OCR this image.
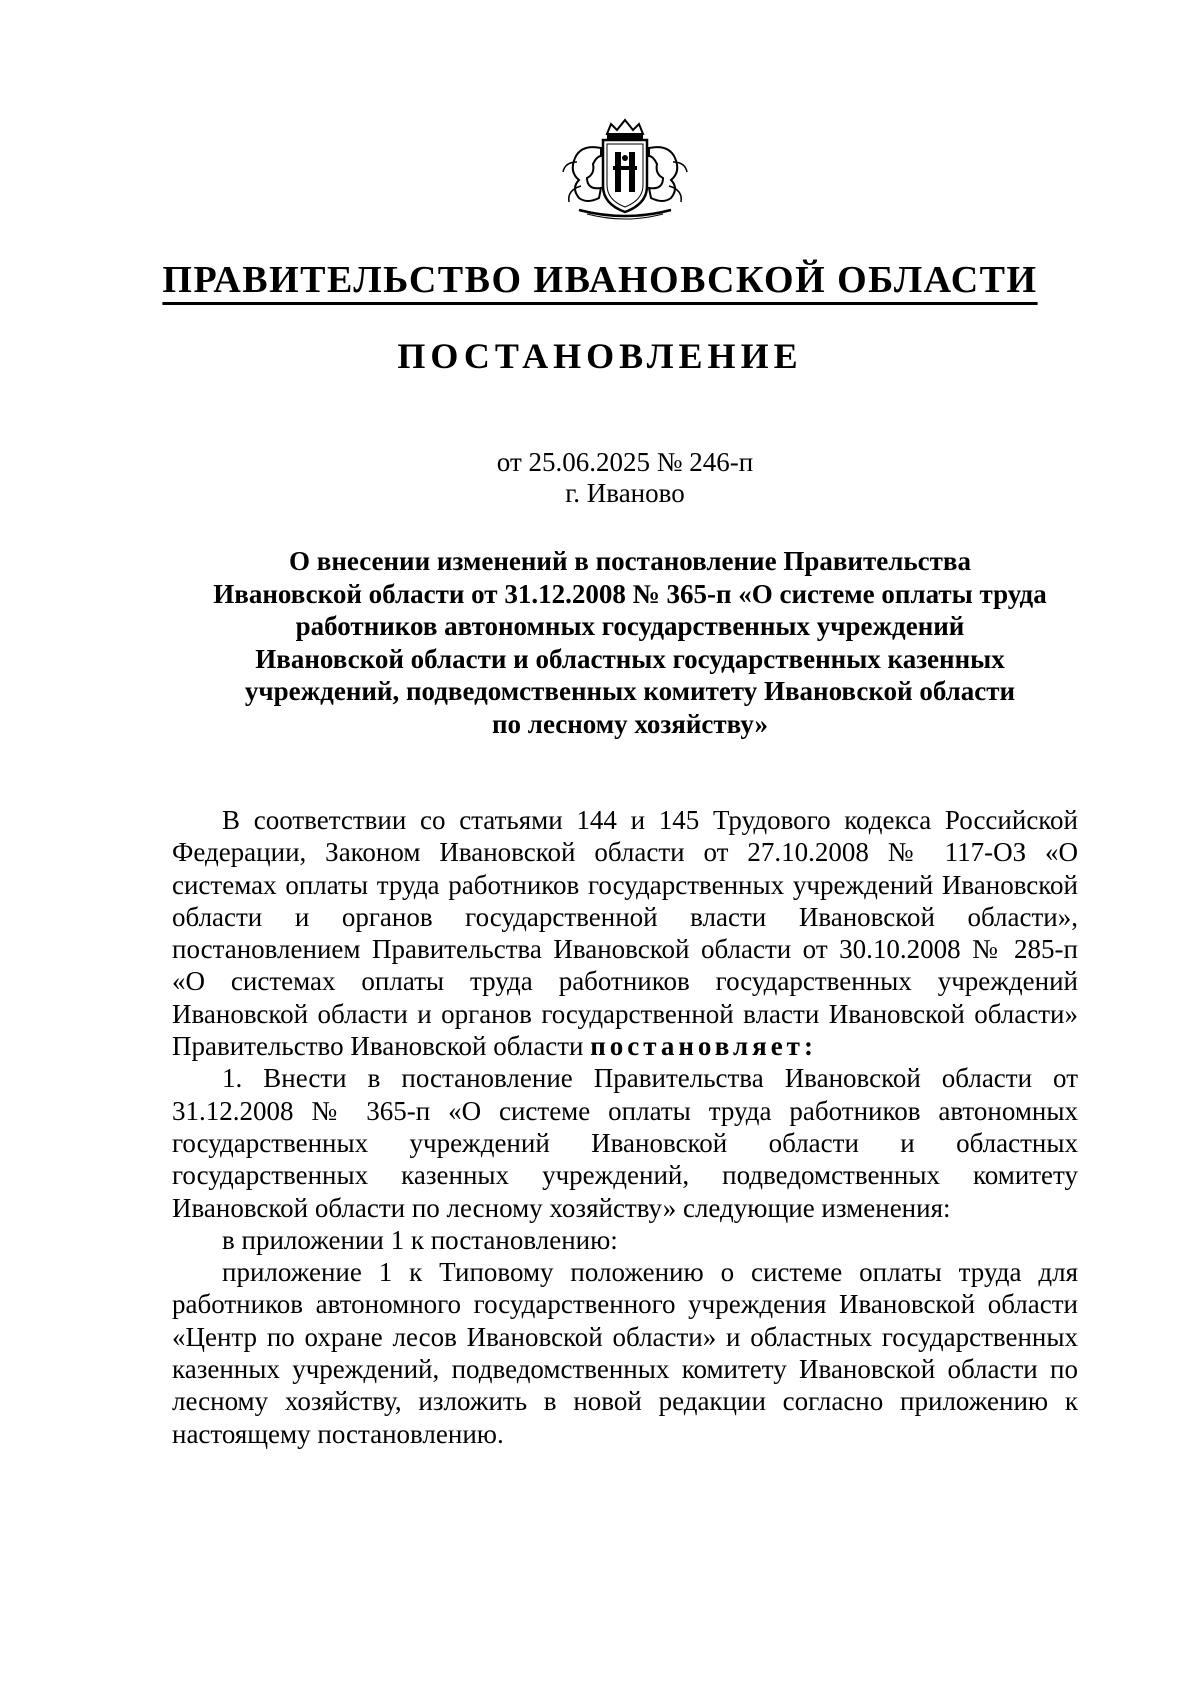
ПРАВИТЕЛЬСТВО ИВАНОВСКОЙ ОБЛАСТИ
ПОСТАНОВЛЕНИЕ
от 25.06.2025 № 246-п
г. Иваново
О внесении изменений в постановление Правительства
Ивановской области от 31.12.2008 № 365-п «О системе оплаты труда
работников автономных государственных учреждений
Ивановской области и областных государственных казенных
учреждений, подведомственных комитету Ивановской области
по лесному хозяйству»

В соответствии со статьями 144 и 145 Трудового кодекса Российской Федерации, Законом Ивановской области от 27.10.2008 № 117-ОЗ «О системах оплаты труда работников государственных учреждений Ивановской области и органов государственной власти Ивановской области», постановлением Правительства Ивановской области от 30.10.2008 № 285-п «О системах оплаты труда работников государственных учреждений Ивановской области и органов государственной власти Ивановской области» Правительство Ивановской области постановляет:

1. Внести в постановление Правительства Ивановской области от 31.12.2008 № 365-п «О системе оплаты труда работников автономных государственных учреждений Ивановской области и областных государственных казенных учреждений, подведомственных комитету Ивановской области по лесному хозяйству» следующие изменения:

в приложении 1 к постановлению:

приложение 1 к Типовому положению о системе оплаты труда для работников автономного государственного учреждения Ивановской области «Центр по охране лесов Ивановской области» и областных государственных казенных учреждений, подведомственных комитету Ивановской области по лесному хозяйству, изложить в новой редакции согласно приложению к настоящему постановлению.
